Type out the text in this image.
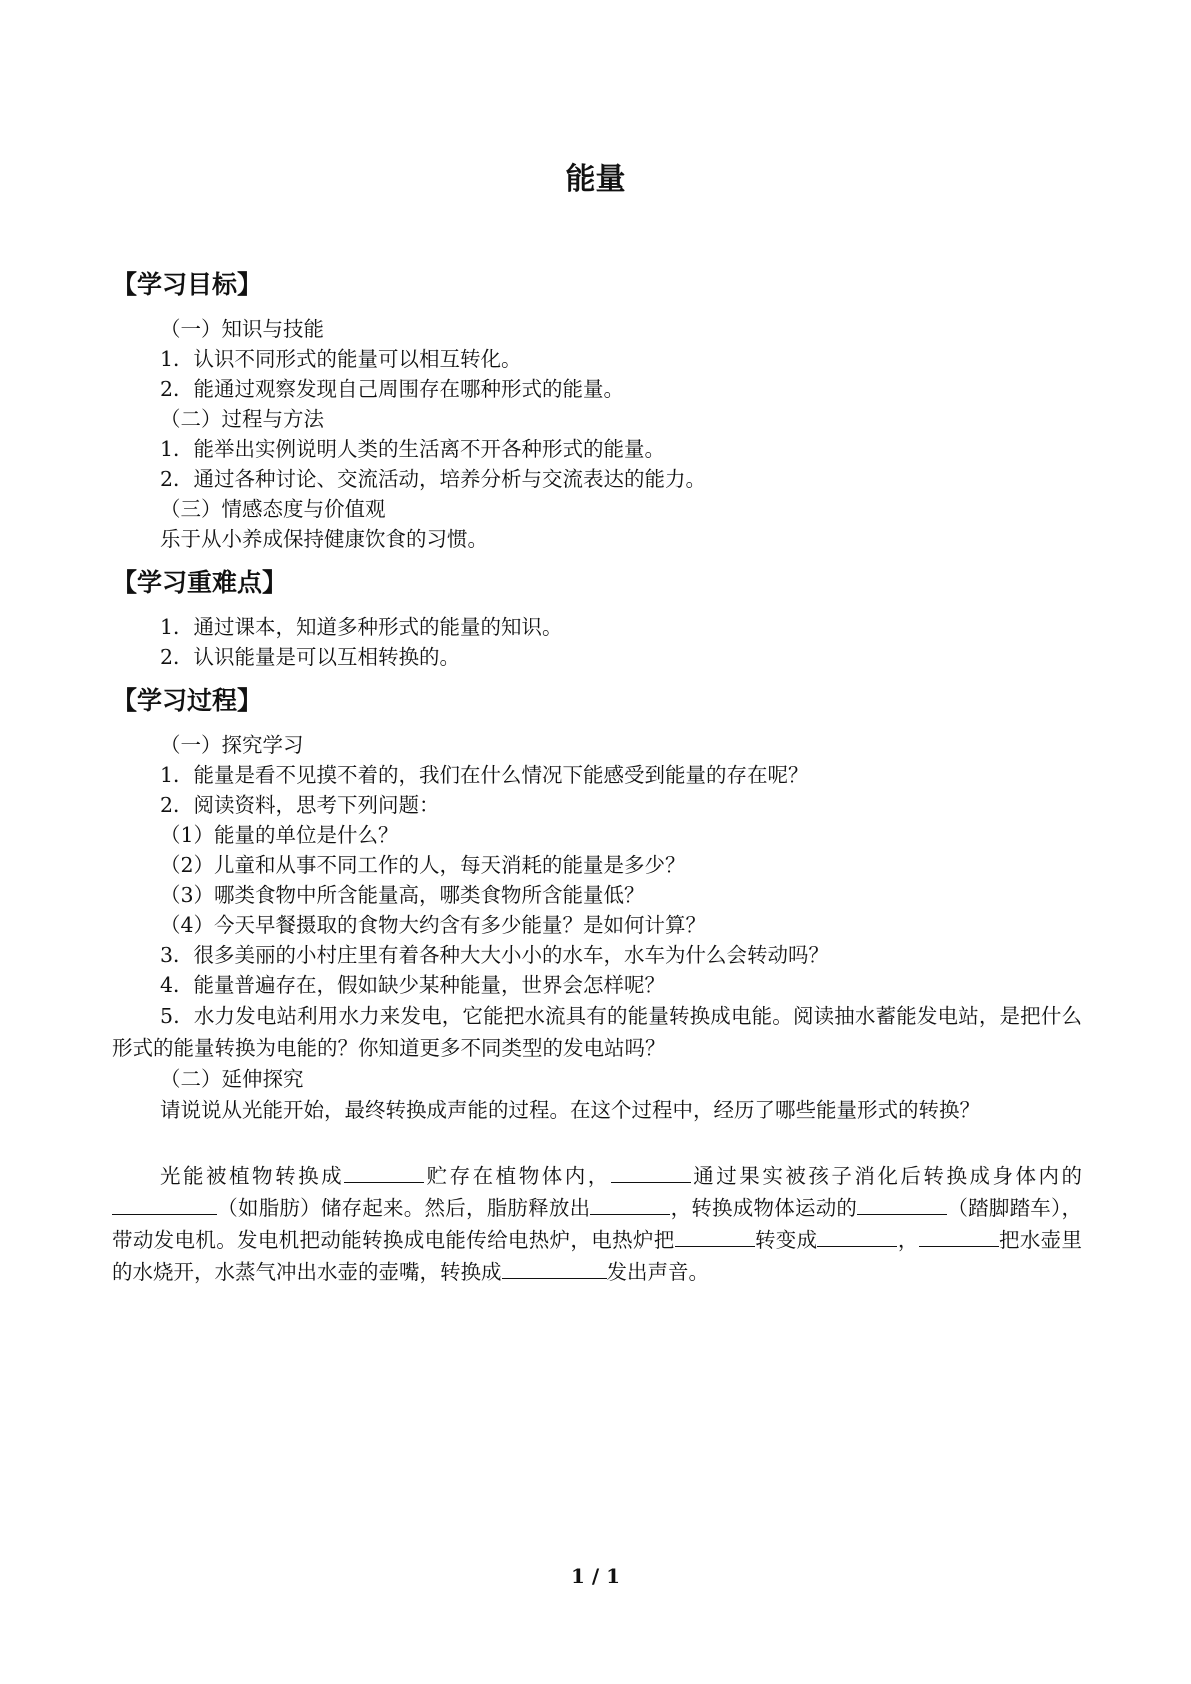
能量
【学习目标】
（一）知识与技能
1．认识不同形式的能量可以相互转化。
2．能通过观察发现自己周围存在哪种形式的能量。
（二）过程与方法
1．能举出实例说明人类的生活离不开各种形式的能量。
2．通过各种讨论、交流活动，培养分析与交流表达的能力。
（三）情感态度与价值观
乐于从小养成保持健康饮食的习惯。
【学习重难点】
1．通过课本，知道多种形式的能量的知识。
2．认识能量是可以互相转换的。
【学习过程】
（一）探究学习
1．能量是看不见摸不着的，我们在什么情况下能感受到能量的存在呢？
2．阅读资料，思考下列问题：
（1）能量的单位是什么？
（2）儿童和从事不同工作的人，每天消耗的能量是多少？
（3）哪类食物中所含能量高，哪类食物所含能量低？
（4）今天早餐摄取的食物大约含有多少能量？是如何计算？
3．很多美丽的小村庄里有着各种大大小小的水车，水车为什么会转动吗？
4．能量普遍存在，假如缺少某种能量，世界会怎样呢？
5．水力发电站利用水力来发电，它能把水流具有的能量转换成电能。阅读抽水蓄能发电站，是把什么形式的能量转换为电能的？你知道更多不同类型的发电站吗？
（二）延伸探究
请说说从光能开始，最终转换成声能的过程。在这个过程中，经历了哪些能量形式的转换？
光能被植物转换成	贮存在植物体内，	通过果实被孩子消化后转换成身体内的（如脂肪）储存起来。然后，脂肪释放出	，转换成物体运动的	（踏脚踏车），带动发电机。发电机把动能转换成电能传给电热炉，电热炉把	转变成	，	把水壶里的水烧开，水蒸气冲出水壶的壶嘴，转换成	发出声音。
1 / 1
